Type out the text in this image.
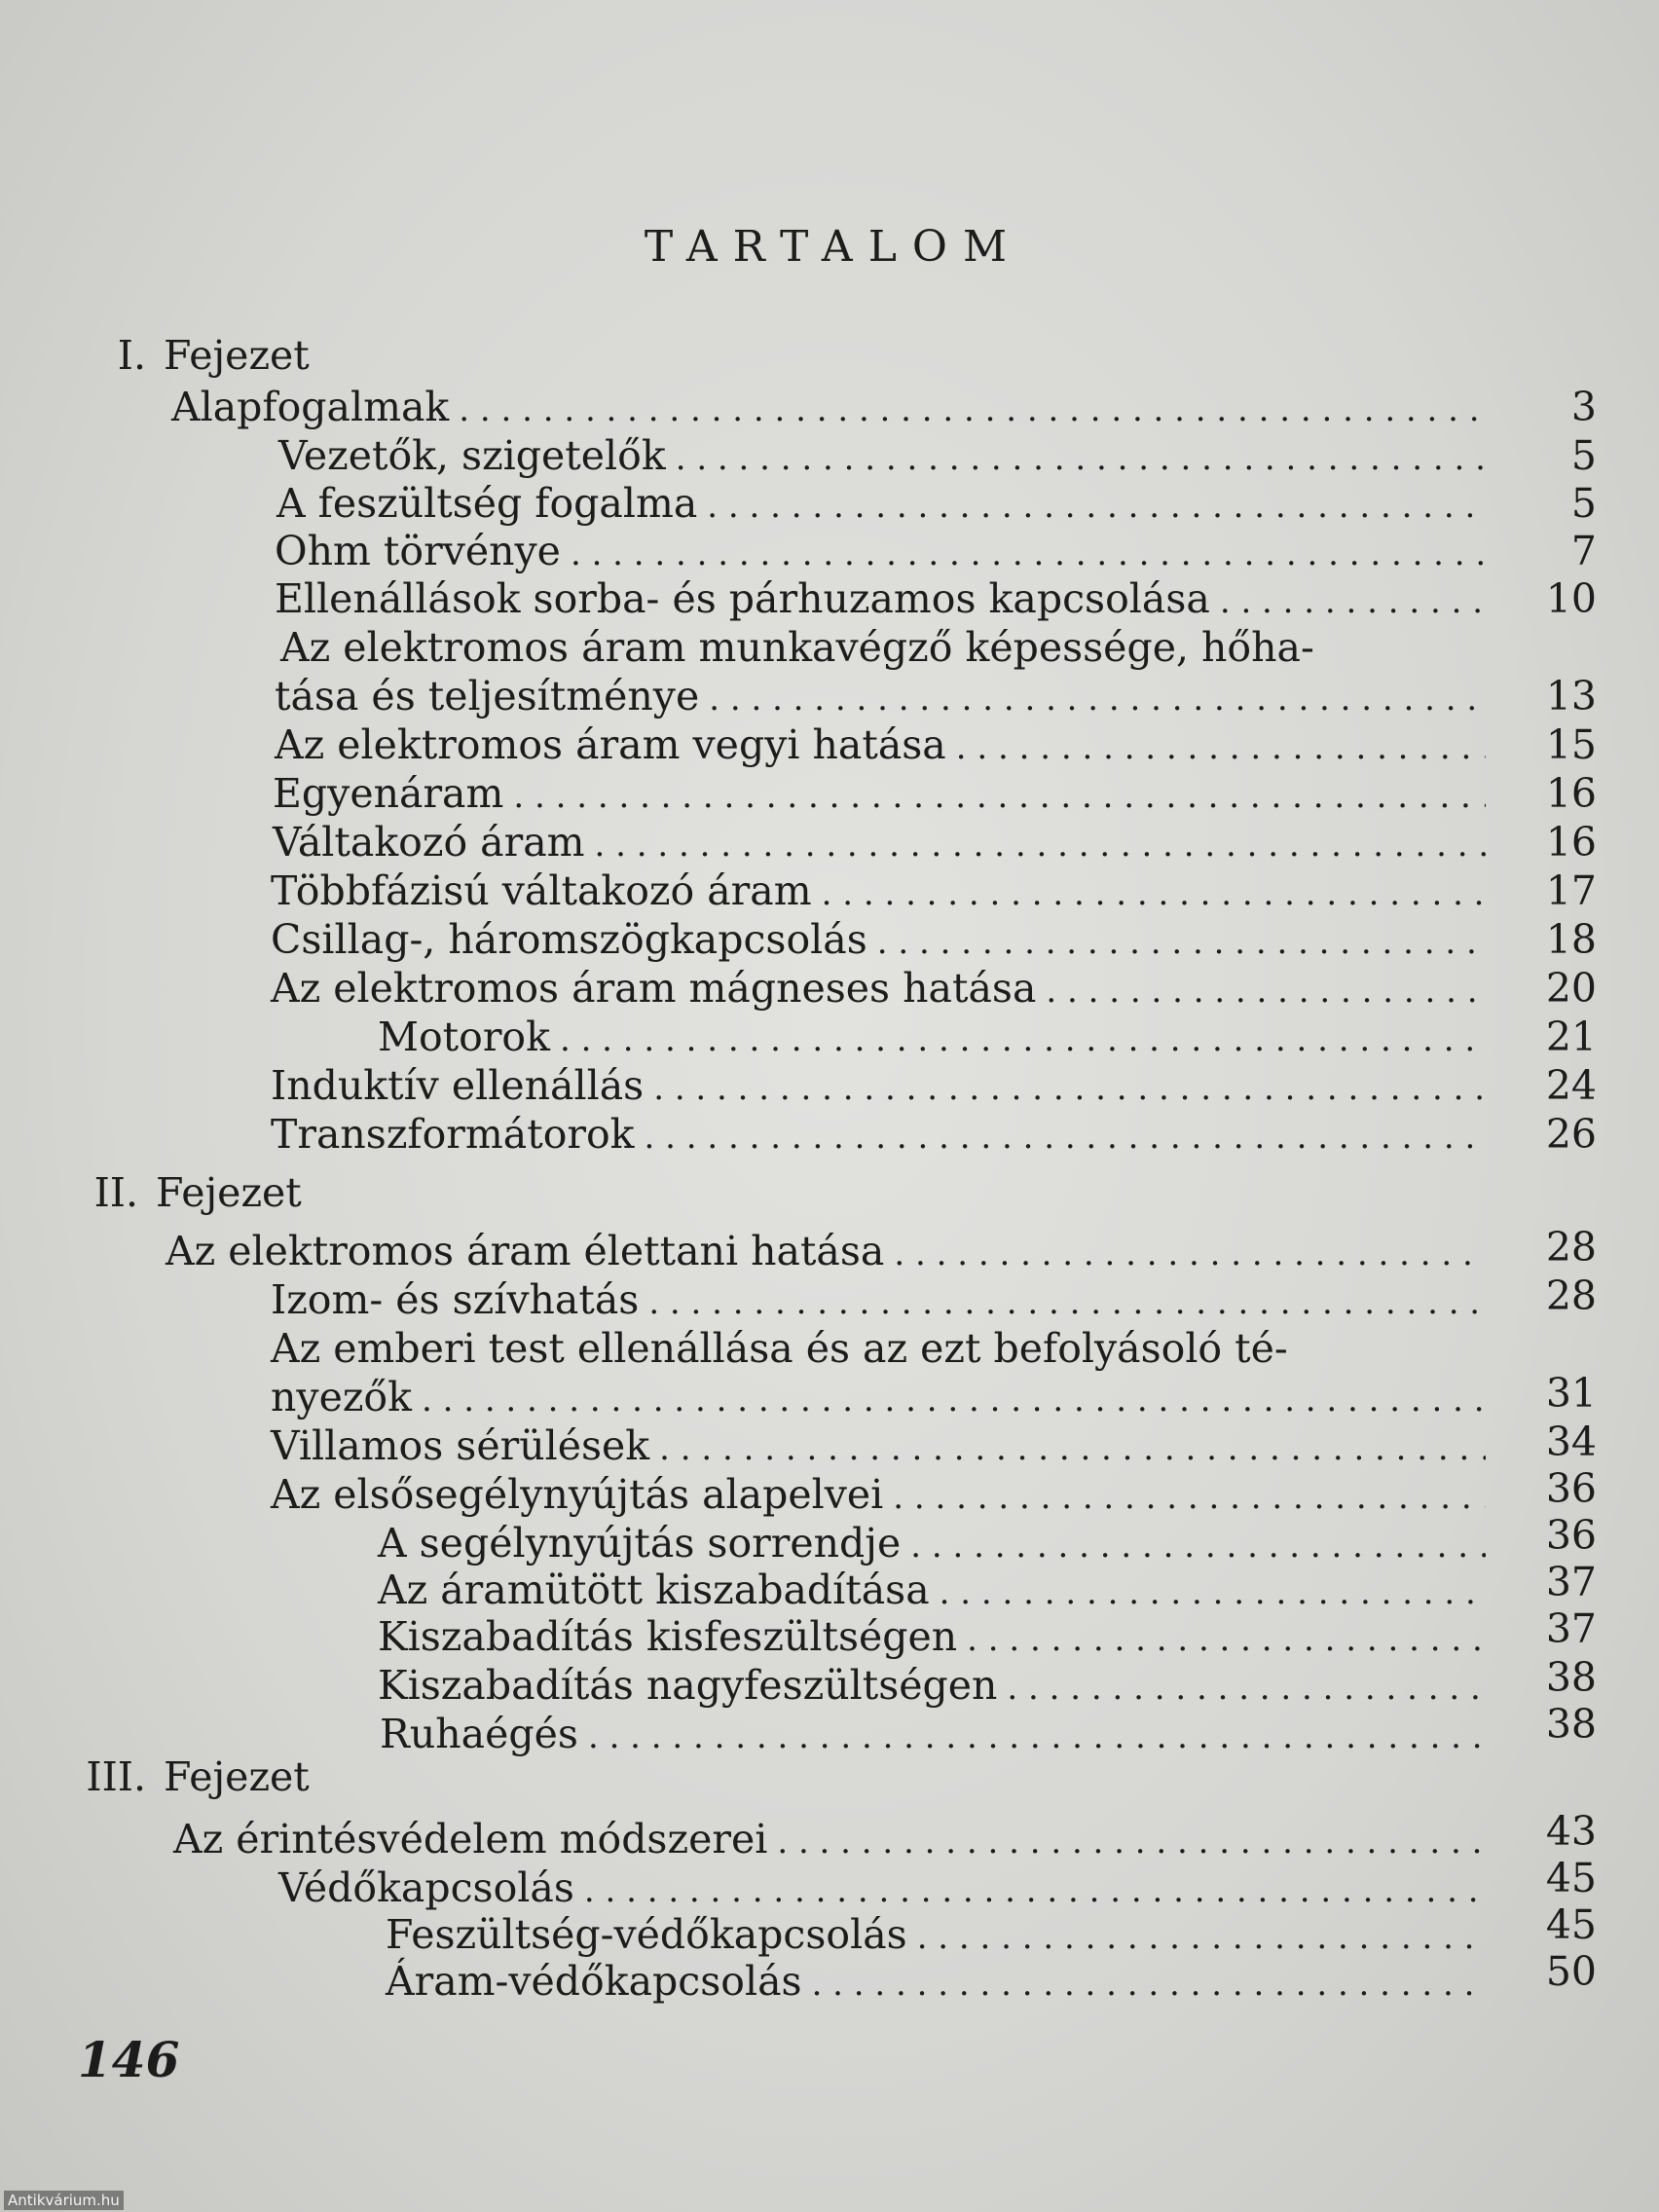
TARTALOM
I. Fejezet
Alapfogalmak . . .	3
Vezetők, szigetelők . . .	5
A feszültség fogalma . . .	5
Ohm törvénye . . .	7
Ellenállások sorba- és párhuzamos kapcsolása . . .	10
Az elektromos áram munkavégző képessége, hőha-
tása és teljesítménye . . .	13
Az elektromos áram vegyi hatása . . .	15
Egyenáram . . .	16
Váltakozó áram . . .	16
Többfázisú váltakozó áram . . .	17
Csillag-, háromszögkapcsolás . . .	18
Az elektromos áram mágneses hatása . . .	20
Motorok . . .	21
Induktív ellenállás . . .	24
Transzformátorok . . .	26
II. Fejezet
Az elektromos áram élettani hatása . . .	28
Izom- és szívhatás . . .	28
Az emberi test ellenállása és az ezt befolyásoló té-
nyezők . . .	31
Villamos sérülések . . .	34
Az elsősegélynyújtás alapelvei . . .	36
A segélynyújtás sorrendje . . .	36
Az áramütött kiszabadítása . . .	37
Kiszabadítás kisfeszültségen . . .	37
Kiszabadítás nagyfeszültségen . . .	38
Ruhaégés . . .	38
III. Fejezet
Az érintésvédelem módszerei . . .	43
Védőkapcsolás . . .	45
Feszültség-védőkapcsolás . . .	45
Áram-védőkapcsolás . . .	50
146
Antikvárium.hu
